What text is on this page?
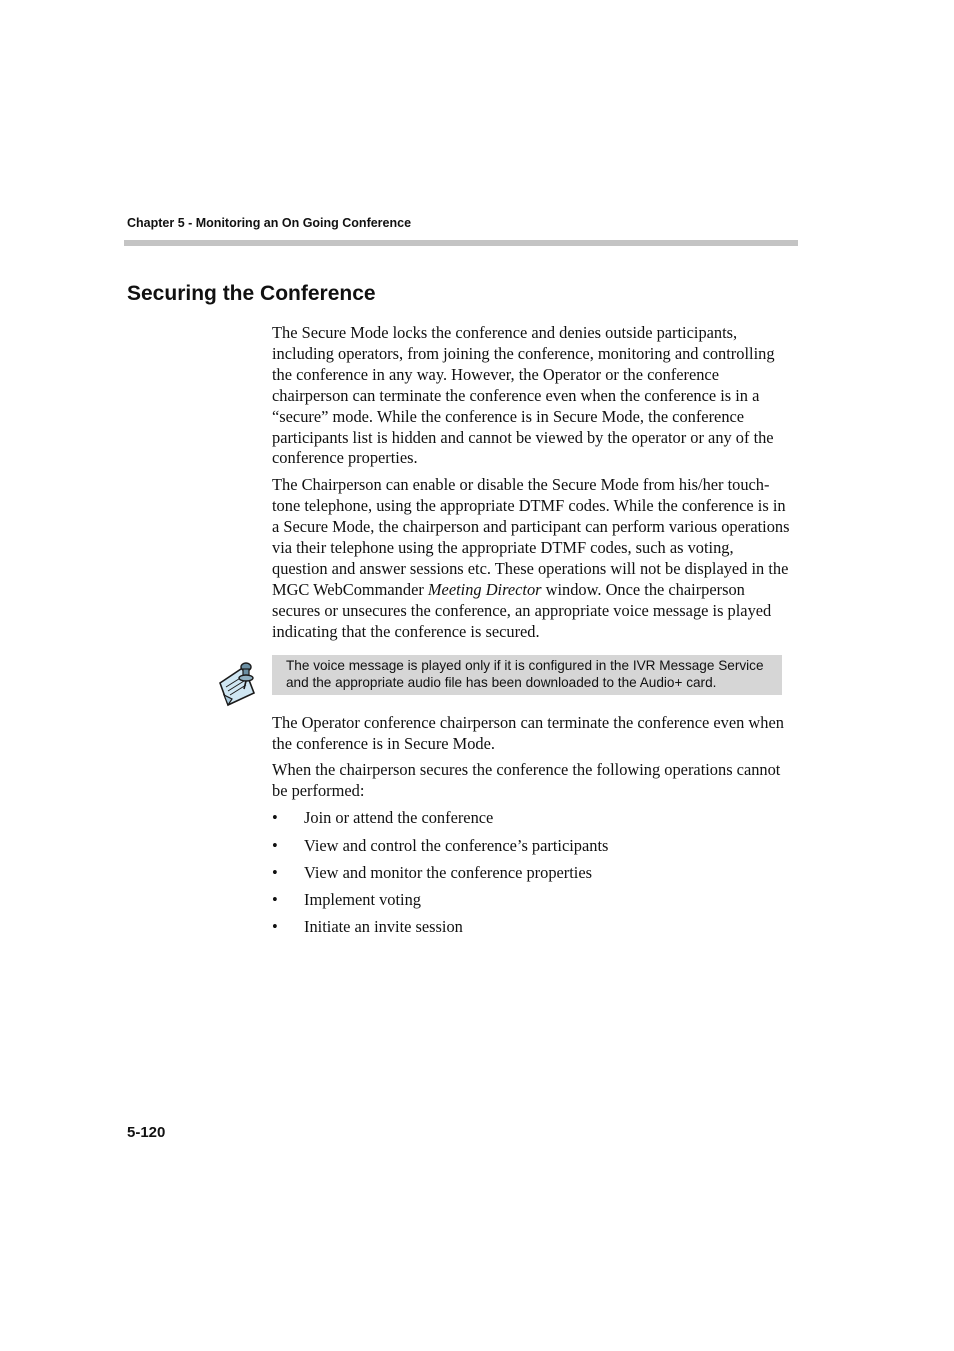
Chapter 5 - Monitoring an On Going Conference
Securing the Conference

The Secure Mode locks the conference and denies outside participants, including operators, from joining the conference, monitoring and controlling the conference in any way. However, the Operator or the conference chairperson can terminate the conference even when the conference is in a “secure” mode. While the conference is in Secure Mode, the conference participants list is hidden and cannot be viewed by the operator or any of the conference properties.

The Chairperson can enable or disable the Secure Mode from his/her touch-tone telephone, using the appropriate DTMF codes. While the conference is in a Secure Mode, the chairperson and participant can perform various operations via their telephone using the appropriate DTMF codes, such as voting, question and answer sessions etc. These operations will not be displayed in the MGC WebCommander Meeting Director window. Once the chairperson secures or unsecures the conference, an appropriate voice message is played indicating that the conference is secured.

The voice message is played only if it is configured in the IVR Message Service and the appropriate audio file has been downloaded to the Audio+ card.

The Operator conference chairperson can terminate the conference even when the conference is in Secure Mode.

When the chairperson secures the conference the following operations cannot be performed:

• Join or attend the conference
• View and control the conference’s participants
• View and monitor the conference properties
• Implement voting
• Initiate an invite session
5-120
